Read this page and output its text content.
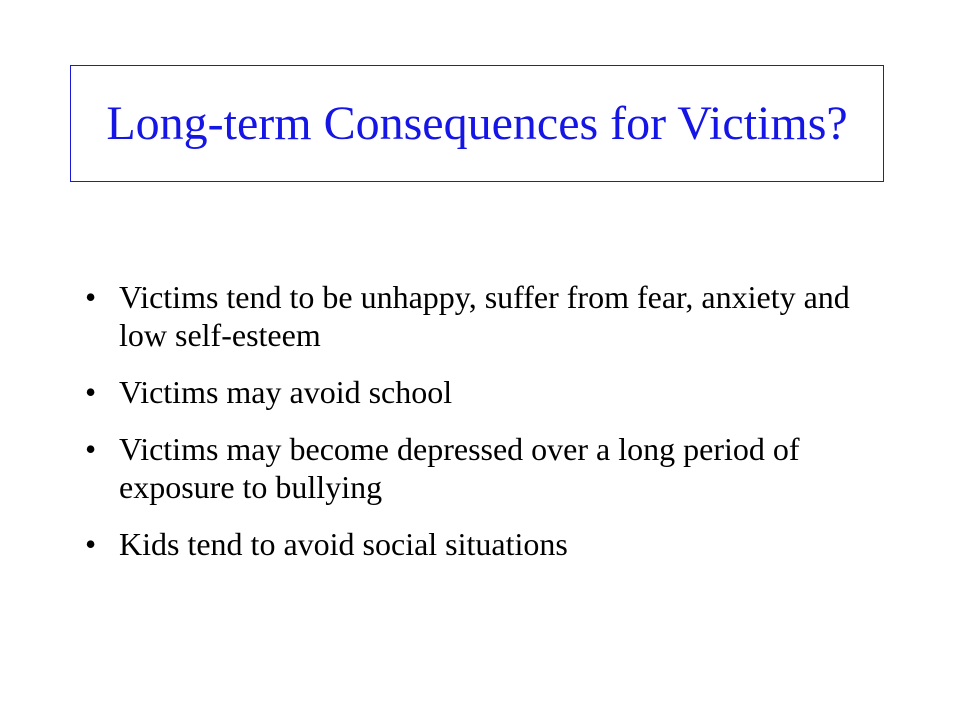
Long-term Consequences for Victims?
• Victims tend to be unhappy, suffer from fear, anxiety and low self-esteem
• Victims may avoid school
• Victims may become depressed over a long period of exposure to bullying
• Kids tend to avoid social situations
